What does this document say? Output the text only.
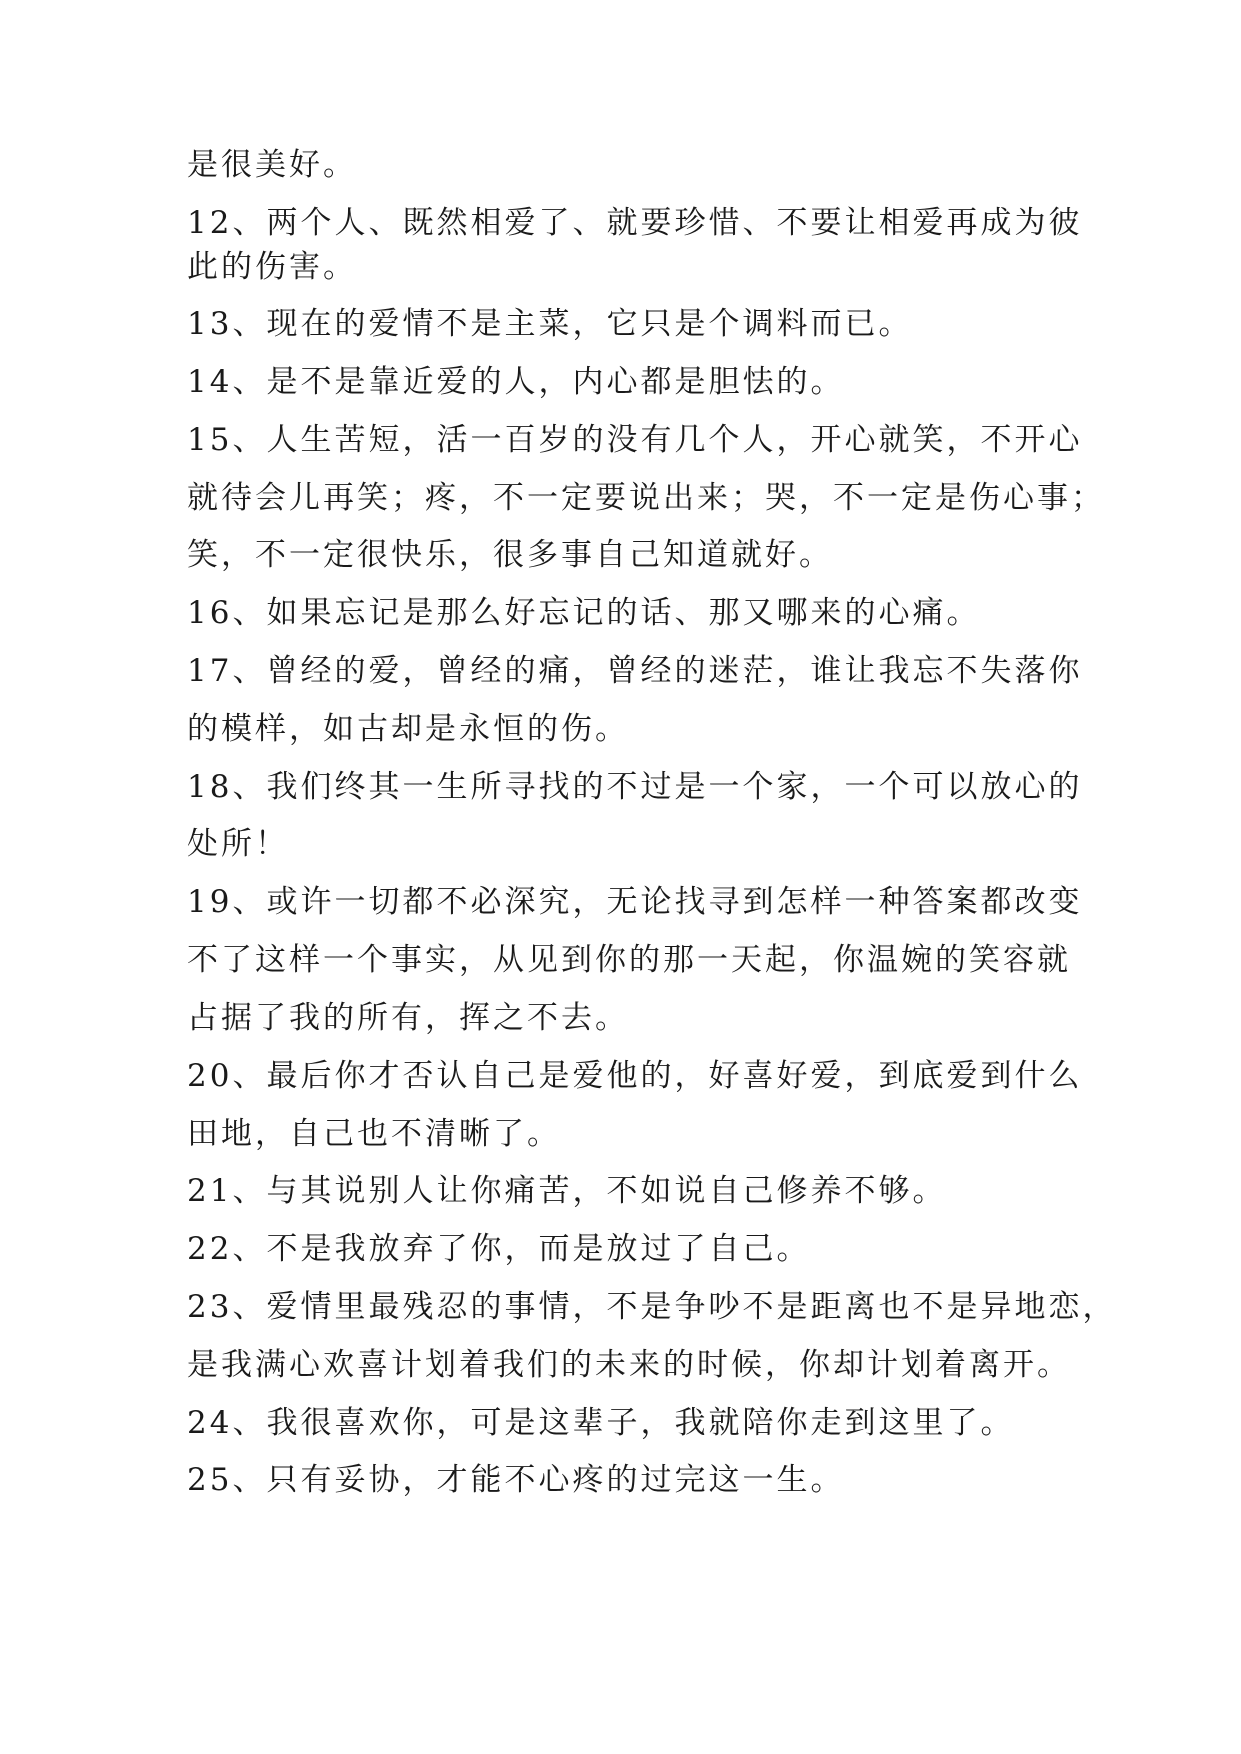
是很美好。

12、两个人、既然相爱了、就要珍惜、不要让相爱再成为彼

此的伤害。

13、现在的爱情不是主菜，它只是个调料而已。

14、是不是靠近爱的人，内心都是胆怯的。

15、人生苦短，活一百岁的没有几个人，开心就笑，不开心

就待会儿再笑；疼，不一定要说出来；哭，不一定是伤心事；

笑，不一定很快乐，很多事自己知道就好。

16、如果忘记是那么好忘记的话、那又哪来的心痛。

17、曾经的爱，曾经的痛，曾经的迷茫，谁让我忘不失落你

的模样，如古却是永恒的伤。

18、我们终其一生所寻找的不过是一个家，一个可以放心的

处所！

19、或许一切都不必深究，无论找寻到怎样一种答案都改变

不了这样一个事实，从见到你的那一天起，你温婉的笑容就

占据了我的所有，挥之不去。

20、最后你才否认自己是爱他的，好喜好爱，到底爱到什么

田地，自己也不清晰了。

21、与其说别人让你痛苦，不如说自己修养不够。

22、不是我放弃了你，而是放过了自己。

23、爱情里最残忍的事情，不是争吵不是距离也不是异地恋，

是我满心欢喜计划着我们的未来的时候，你却计划着离开。

24、我很喜欢你，可是这辈子，我就陪你走到这里了。

25、只有妥协，才能不心疼的过完这一生。
